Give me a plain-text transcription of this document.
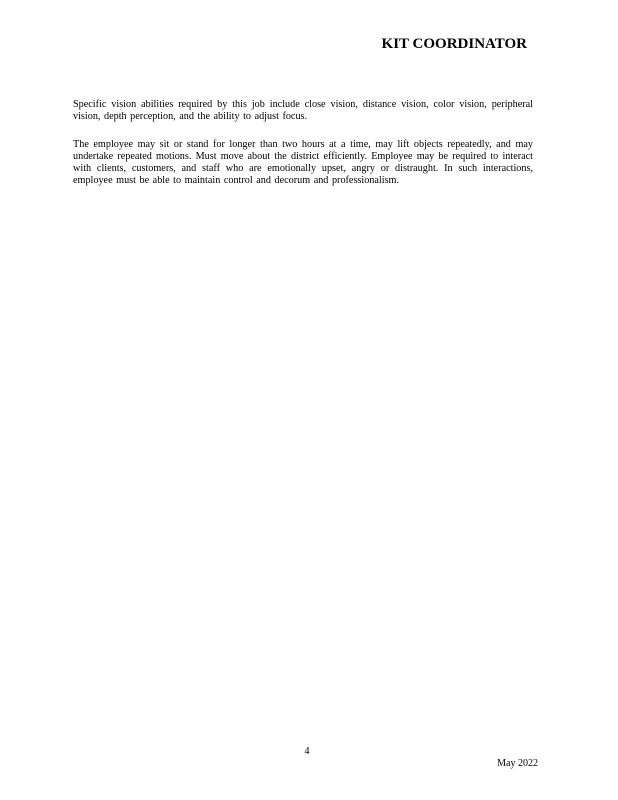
KIT COORDINATOR

Specific vision abilities required by this job include close vision, distance vision, color vision, peripheral vision, depth perception, and the ability to adjust focus.

The employee may sit or stand for longer than two hours at a time, may lift objects repeatedly, and may undertake repeated motions. Must move about the district efficiently. Employee may be required to interact with clients, customers, and staff who are emotionally upset, angry or distraught. In such interactions, employee must be able to maintain control and decorum and professionalism.

4

May 2022
